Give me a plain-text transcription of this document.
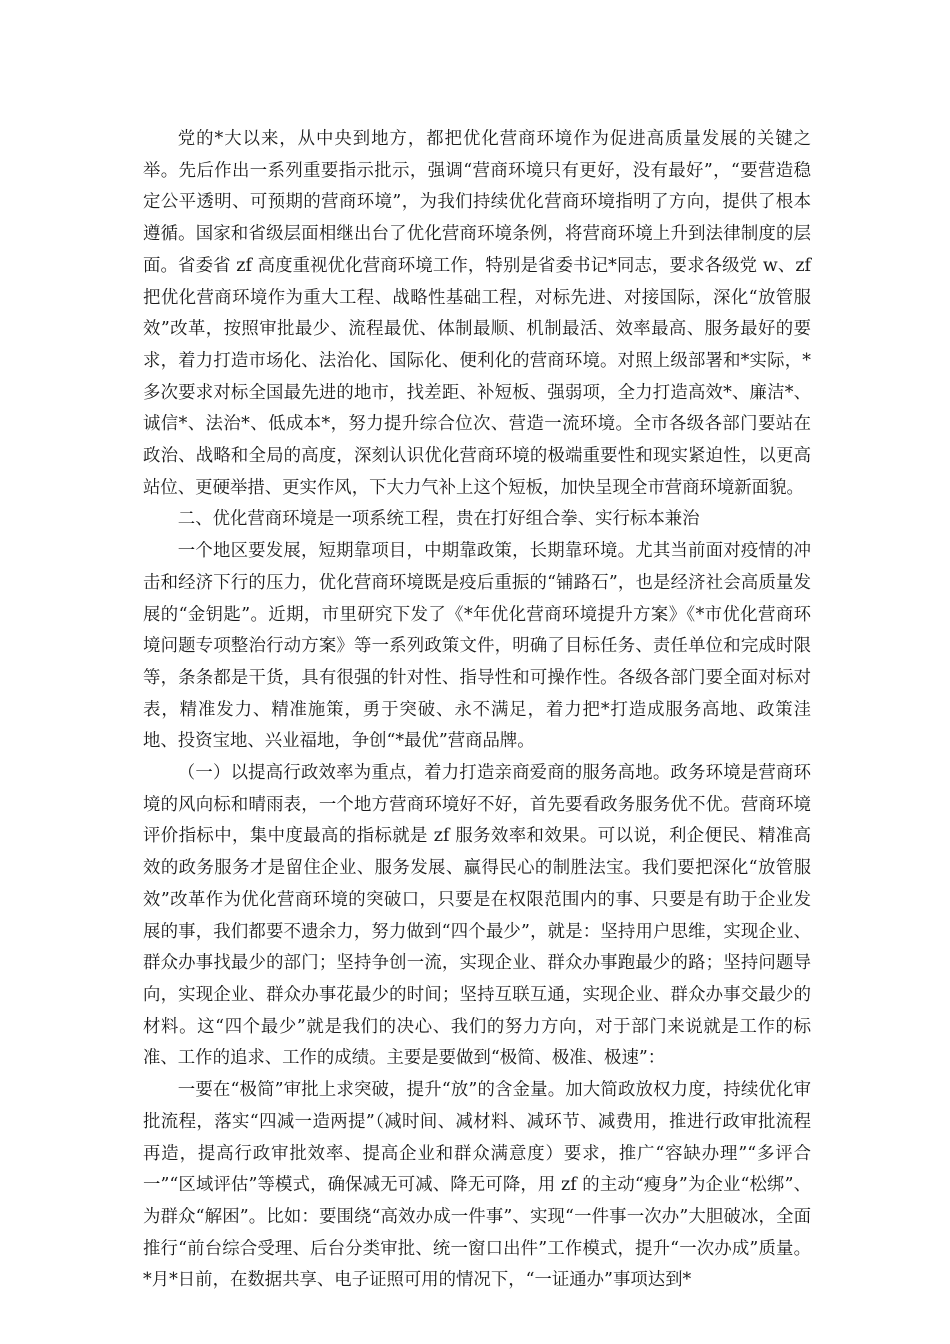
党的*大以来，从中央到地方，都把优化营商环境作为促进高质量发展的关键之举。先后作出一系列重要指示批示，强调“营商环境只有更好，没有最好”，“要营造稳定公平透明、可预期的营商环境”，为我们持续优化营商环境指明了方向，提供了根本遵循。国家和省级层面相继出台了优化营商环境条例，将营商环境上升到法律制度的层面。省委省 zf 高度重视优化营商环境工作，特别是省委书记*同志，要求各级党 w、zf 把优化营商环境作为重大工程、战略性基础工程，对标先进、对接国际，深化“放管服效”改革，按照审批最少、流程最优、体制最顺、机制最活、效率最高、服务最好的要求，着力打造市场化、法治化、国际化、便利化的营商环境。对照上级部署和*实际，*多次要求对标全国最先进的地市，找差距、补短板、强弱项，全力打造高效*、廉洁*、诚信*、法治*、低成本*，努力提升综合位次、营造一流环境。全市各级各部门要站在政治、战略和全局的高度，深刻认识优化营商环境的极端重要性和现实紧迫性，以更高站位、更硬举措、更实作风，下大力气补上这个短板，加快呈现全市营商环境新面貌。

二、优化营商环境是一项系统工程，贵在打好组合拳、实行标本兼治

一个地区要发展，短期靠项目，中期靠政策，长期靠环境。尤其当前面对疫情的冲击和经济下行的压力，优化营商环境既是疫后重振的“铺路石”，也是经济社会高质量发展的“金钥匙”。近期，市里研究下发了《*年优化营商环境提升方案》《*市优化营商环境问题专项整治行动方案》等一系列政策文件，明确了目标任务、责任单位和完成时限等，条条都是干货，具有很强的针对性、指导性和可操作性。各级各部门要全面对标对表，精准发力、精准施策，勇于突破、永不满足，着力把*打造成服务高地、政策洼地、投资宝地、兴业福地，争创“*最优”营商品牌。

（一）以提高行政效率为重点，着力打造亲商爱商的服务高地。政务环境是营商环境的风向标和晴雨表，一个地方营商环境好不好，首先要看政务服务优不优。营商环境评价指标中，集中度最高的指标就是 zf 服务效率和效果。可以说，利企便民、精准高效的政务服务才是留住企业、服务发展、赢得民心的制胜法宝。我们要把深化“放管服效”改革作为优化营商环境的突破口，只要是在权限范围内的事、只要是有助于企业发展的事，我们都要不遗余力，努力做到“四个最少”，就是：坚持用户思维，实现企业、群众办事找最少的部门；坚持争创一流，实现企业、群众办事跑最少的路；坚持问题导向，实现企业、群众办事花最少的时间；坚持互联互通，实现企业、群众办事交最少的材料。这“四个最少”就是我们的决心、我们的努力方向，对于部门来说就是工作的标准、工作的追求、工作的成绩。主要是要做到“极简、极准、极速”：

一要在“极简”审批上求突破，提升“放”的含金量。加大简政放权力度，持续优化审批流程，落实“四减一造两提”（减时间、减材料、减环节、减费用，推进行政审批流程再造，提高行政审批效率、提高企业和群众满意度）要求，推广“容缺办理”“多评合一”“区域评估”等模式，确保减无可减、降无可降，用 zf 的主动“瘦身”为企业“松绑”、为群众“解困”。比如：要围绕“高效办成一件事”、实现“一件事一次办”大胆破冰，全面推行“前台综合受理、后台分类审批、统一窗口出件”工作模式，提升“一次办成”质量。*月*日前，在数据共享、电子证照可用的情况下，“一证通办”事项达到*
